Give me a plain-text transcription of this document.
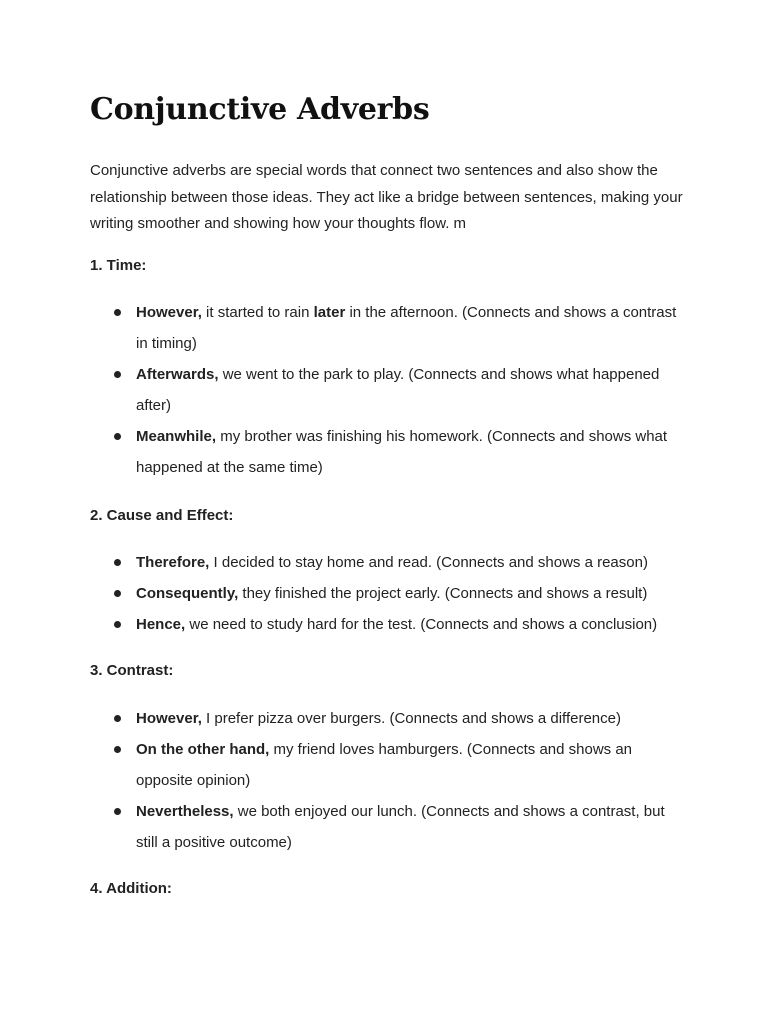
Conjunctive Adverbs

Conjunctive adverbs are special words that connect two sentences and also show the relationship between those ideas. They act like a bridge between sentences, making your writing smoother and showing how your thoughts flow. m

1. Time:
However, it started to rain later in the afternoon. (Connects and shows a contrast in timing)
Afterwards, we went to the park to play. (Connects and shows what happened after)
Meanwhile, my brother was finishing his homework. (Connects and shows what happened at the same time)
2. Cause and Effect:
Therefore, I decided to stay home and read. (Connects and shows a reason)
Consequently, they finished the project early. (Connects and shows a result)
Hence, we need to study hard for the test. (Connects and shows a conclusion)
3. Contrast:
However, I prefer pizza over burgers. (Connects and shows a difference)
On the other hand, my friend loves hamburgers. (Connects and shows an opposite opinion)
Nevertheless, we both enjoyed our lunch. (Connects and shows a contrast, but still a positive outcome)
4. Addition:
